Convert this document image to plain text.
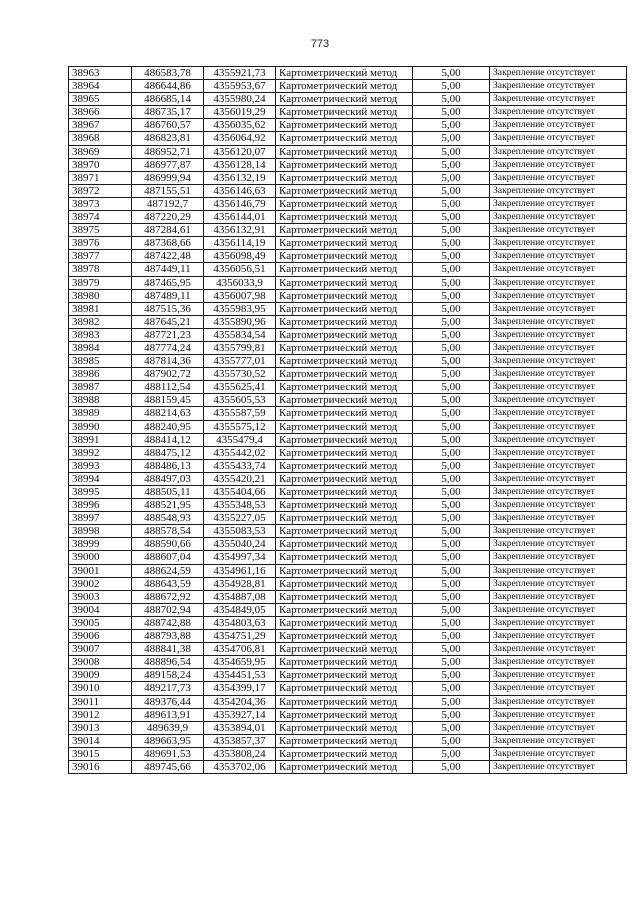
773
38963	486583,78	4355921,73	Картометрический метод	5,00	Закрепление отсутствует
38964	486644,86	4355953,67	Картометрический метод	5,00	Закрепление отсутствует
38965	486685,14	4355980,24	Картометрический метод	5,00	Закрепление отсутствует
38966	486735,17	4356019,29	Картометрический метод	5,00	Закрепление отсутствует
38967	486760,57	4356035,62	Картометрический метод	5,00	Закрепление отсутствует
38968	486823,81	4356064,92	Картометрический метод	5,00	Закрепление отсутствует
38969	486952,71	4356120,07	Картометрический метод	5,00	Закрепление отсутствует
38970	486977,87	4356128,14	Картометрический метод	5,00	Закрепление отсутствует
38971	486999,94	4356132,19	Картометрический метод	5,00	Закрепление отсутствует
38972	487155,51	4356146,63	Картометрический метод	5,00	Закрепление отсутствует
38973	487192,7	4356146,79	Картометрический метод	5,00	Закрепление отсутствует
38974	487220,29	4356144,01	Картометрический метод	5,00	Закрепление отсутствует
38975	487284,61	4356132,91	Картометрический метод	5,00	Закрепление отсутствует
38976	487368,66	4356114,19	Картометрический метод	5,00	Закрепление отсутствует
38977	487422,48	4356098,49	Картометрический метод	5,00	Закрепление отсутствует
38978	487449,11	4356056,51	Картометрический метод	5,00	Закрепление отсутствует
38979	487465,95	4356033,9	Картометрический метод	5,00	Закрепление отсутствует
38980	487489,11	4356007,98	Картометрический метод	5,00	Закрепление отсутствует
38981	487515,36	4355983,95	Картометрический метод	5,00	Закрепление отсутствует
38982	487645,21	4355890,96	Картометрический метод	5,00	Закрепление отсутствует
38983	487721,23	4355834,54	Картометрический метод	5,00	Закрепление отсутствует
38984	487774,24	4355799,81	Картометрический метод	5,00	Закрепление отсутствует
38985	487814,36	4355777,01	Картометрический метод	5,00	Закрепление отсутствует
38986	487902,72	4355730,52	Картометрический метод	5,00	Закрепление отсутствует
38987	488112,54	4355625,41	Картометрический метод	5,00	Закрепление отсутствует
38988	488159,45	4355605,53	Картометрический метод	5,00	Закрепление отсутствует
38989	488214,63	4355587,59	Картометрический метод	5,00	Закрепление отсутствует
38990	488240,95	4355575,12	Картометрический метод	5,00	Закрепление отсутствует
38991	488414,12	4355479,4	Картометрический метод	5,00	Закрепление отсутствует
38992	488475,12	4355442,02	Картометрический метод	5,00	Закрепление отсутствует
38993	488486,13	4355433,74	Картометрический метод	5,00	Закрепление отсутствует
38994	488497,03	4355420,21	Картометрический метод	5,00	Закрепление отсутствует
38995	488505,11	4355404,66	Картометрический метод	5,00	Закрепление отсутствует
38996	488521,95	4355348,53	Картометрический метод	5,00	Закрепление отсутствует
38997	488548,93	4355227,05	Картометрический метод	5,00	Закрепление отсутствует
38998	488578,54	4355083,53	Картометрический метод	5,00	Закрепление отсутствует
38999	488590,66	4355040,24	Картометрический метод	5,00	Закрепление отсутствует
39000	488607,04	4354997,34	Картометрический метод	5,00	Закрепление отсутствует
39001	488624,59	4354961,16	Картометрический метод	5,00	Закрепление отсутствует
39002	488643,59	4354928,81	Картометрический метод	5,00	Закрепление отсутствует
39003	488672,92	4354887,08	Картометрический метод	5,00	Закрепление отсутствует
39004	488702,94	4354849,05	Картометрический метод	5,00	Закрепление отсутствует
39005	488742,88	4354803,63	Картометрический метод	5,00	Закрепление отсутствует
39006	488793,88	4354751,29	Картометрический метод	5,00	Закрепление отсутствует
39007	488841,38	4354706,81	Картометрический метод	5,00	Закрепление отсутствует
39008	488896,54	4354659,95	Картометрический метод	5,00	Закрепление отсутствует
39009	489158,24	4354451,53	Картометрический метод	5,00	Закрепление отсутствует
39010	489217,73	4354399,17	Картометрический метод	5,00	Закрепление отсутствует
39011	489376,44	4354204,36	Картометрический метод	5,00	Закрепление отсутствует
39012	489613,91	4353927,14	Картометрический метод	5,00	Закрепление отсутствует
39013	489639,9	4353894,01	Картометрический метод	5,00	Закрепление отсутствует
39014	489663,95	4353857,37	Картометрический метод	5,00	Закрепление отсутствует
39015	489691,53	4353808,24	Картометрический метод	5,00	Закрепление отсутствует
39016	489745,66	4353702,06	Картометрический метод	5,00	Закрепление отсутствует
